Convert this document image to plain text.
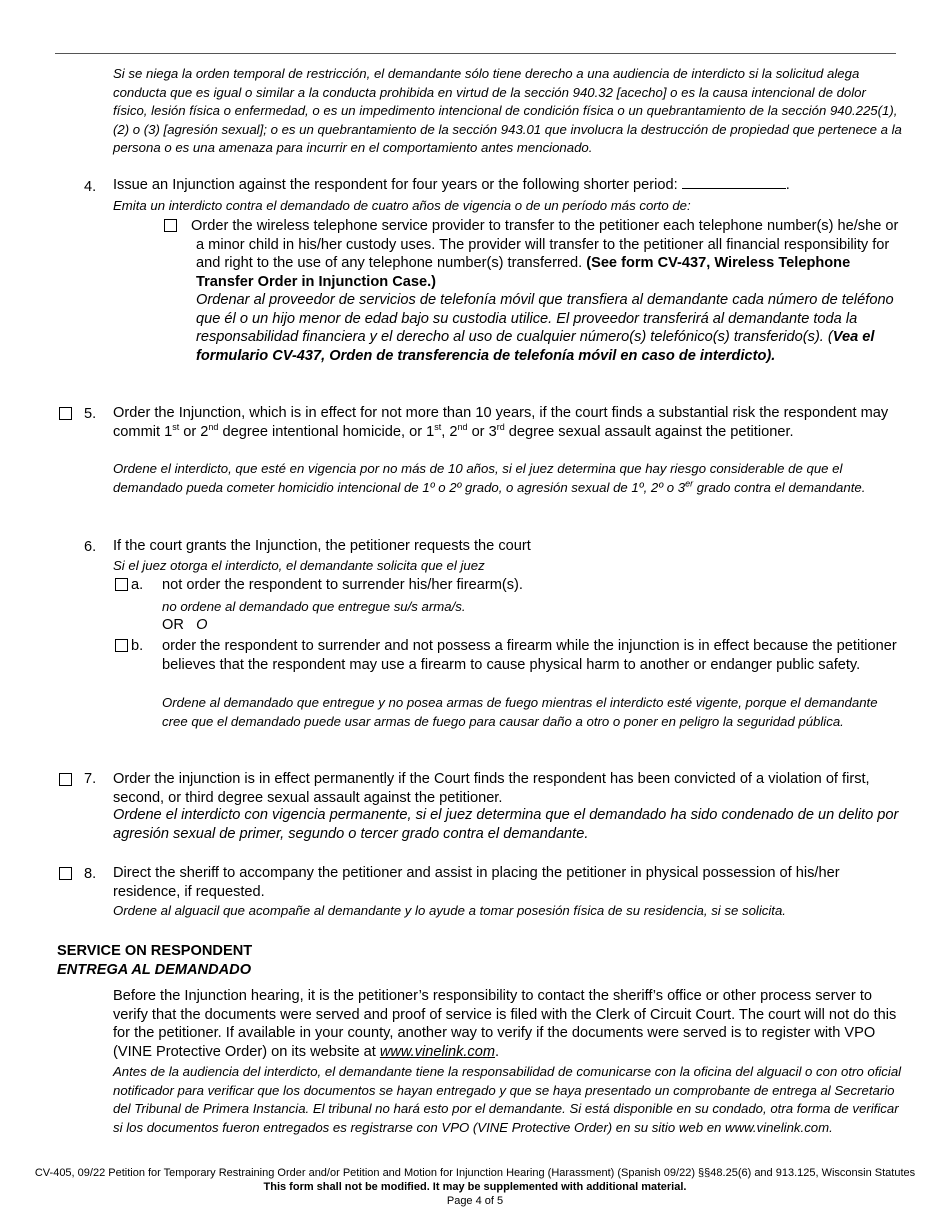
Si se niega la orden temporal de restricción, el demandante sólo tiene derecho a una audiencia de interdicto si la solicitud alega conducta que es igual o similar a la conducta prohibida en virtud de la sección 940.32 [acecho] o es la causa intencional de dolor físico, lesión física o enfermedad, o es un impedimento intencional de condición física o un quebrantamiento de la sección 940.225(1), (2) o (3) [agresión sexual]; o es un quebrantamiento de la sección 943.01 que involucra la destrucción de propiedad que pertenece a la persona o es una amenaza para incurrir en el comportamiento antes mencionado.
4. Issue an Injunction against the respondent for four years or the following shorter period:	.
Emita un interdicto contra el demandado de cuatro años de vigencia o de un período más corto de:
Order the wireless telephone service provider to transfer to the petitioner each telephone number(s) he/she or a minor child in his/her custody uses. The provider will transfer to the petitioner all financial responsibility for and right to the use of any telephone number(s) transferred. (See form CV-437, Wireless Telephone Transfer Order in Injunction Case.)
Ordenar al proveedor de servicios de telefonía móvil que transfiera al demandante cada número de teléfono que él o un hijo menor de edad bajo su custodia utilice. El proveedor transferirá al demandante toda la responsabilidad financiera y el derecho al uso de cualquier número(s) telefónico(s) transferido(s). (Vea el formulario CV-437, Orden de transferencia de telefonía móvil en caso de interdicto).
5. Order the Injunction, which is in effect for not more than 10 years, if the court finds a substantial risk the respondent may commit 1st or 2nd degree intentional homicide, or 1st, 2nd or 3rd degree sexual assault against the petitioner.
Ordene el interdicto, que esté en vigencia por no más de 10 años, si el juez determina que hay riesgo considerable de que el demandado pueda cometer homicidio intencional de 1º o 2º grado, o agresión sexual de 1º, 2º o 3er grado contra el demandante.
6. If the court grants the Injunction, the petitioner requests the court
Si el juez otorga el interdicto, el demandante solicita que el juez
a. not order the respondent to surrender his/her firearm(s).
no ordene al demandado que entregue su/s arma/s.
OR O
b. order the respondent to surrender and not possess a firearm while the injunction is in effect because the petitioner believes that the respondent may use a firearm to cause physical harm to another or endanger public safety.
Ordene al demandado que entregue y no posea armas de fuego mientras el interdicto esté vigente, porque el demandante cree que el demandado puede usar armas de fuego para causar daño a otro o poner en peligro la seguridad pública.
7. Order the injunction is in effect permanently if the Court finds the respondent has been convicted of a violation of first, second, or third degree sexual assault against the petitioner.
Ordene el interdicto con vigencia permanente, si el juez determina que el demandado ha sido condenado de un delito por agresión sexual de primer, segundo o tercer grado contra el demandante.
8. Direct the sheriff to accompany the petitioner and assist in placing the petitioner in physical possession of his/her residence, if requested.
Ordene al alguacil que acompañe al demandante y lo ayude a tomar posesión física de su residencia, si se solicita.
SERVICE ON RESPONDENT
ENTREGA AL DEMANDADO
Before the Injunction hearing, it is the petitioner’s responsibility to contact the sheriff’s office or other process server to verify that the documents were served and proof of service is filed with the Clerk of Circuit Court. The court will not do this for the petitioner. If available in your county, another way to verify if the documents were served is to register with VPO (VINE Protective Order) on its website at www.vinelink.com.
Antes de la audiencia del interdicto, el demandante tiene la responsabilidad de comunicarse con la oficina del alguacil o con otro oficial notificador para verificar que los documentos se hayan entregado y que se haya presentado un comprobante de entrega al Secretario del Tribunal de Primera Instancia. El tribunal no hará esto por el demandante. Si está disponible en su condado, otra forma de verificar si los documentos fueron entregados es registrarse con VPO (VINE Protective Order) en su sitio web en www.vinelink.com.
CV-405, 09/22 Petition for Temporary Restraining Order and/or Petition and Motion for Injunction Hearing (Harassment) (Spanish 09/22) §§48.25(6) and 913.125, Wisconsin Statutes
This form shall not be modified. It may be supplemented with additional material.
Page 4 of 5
